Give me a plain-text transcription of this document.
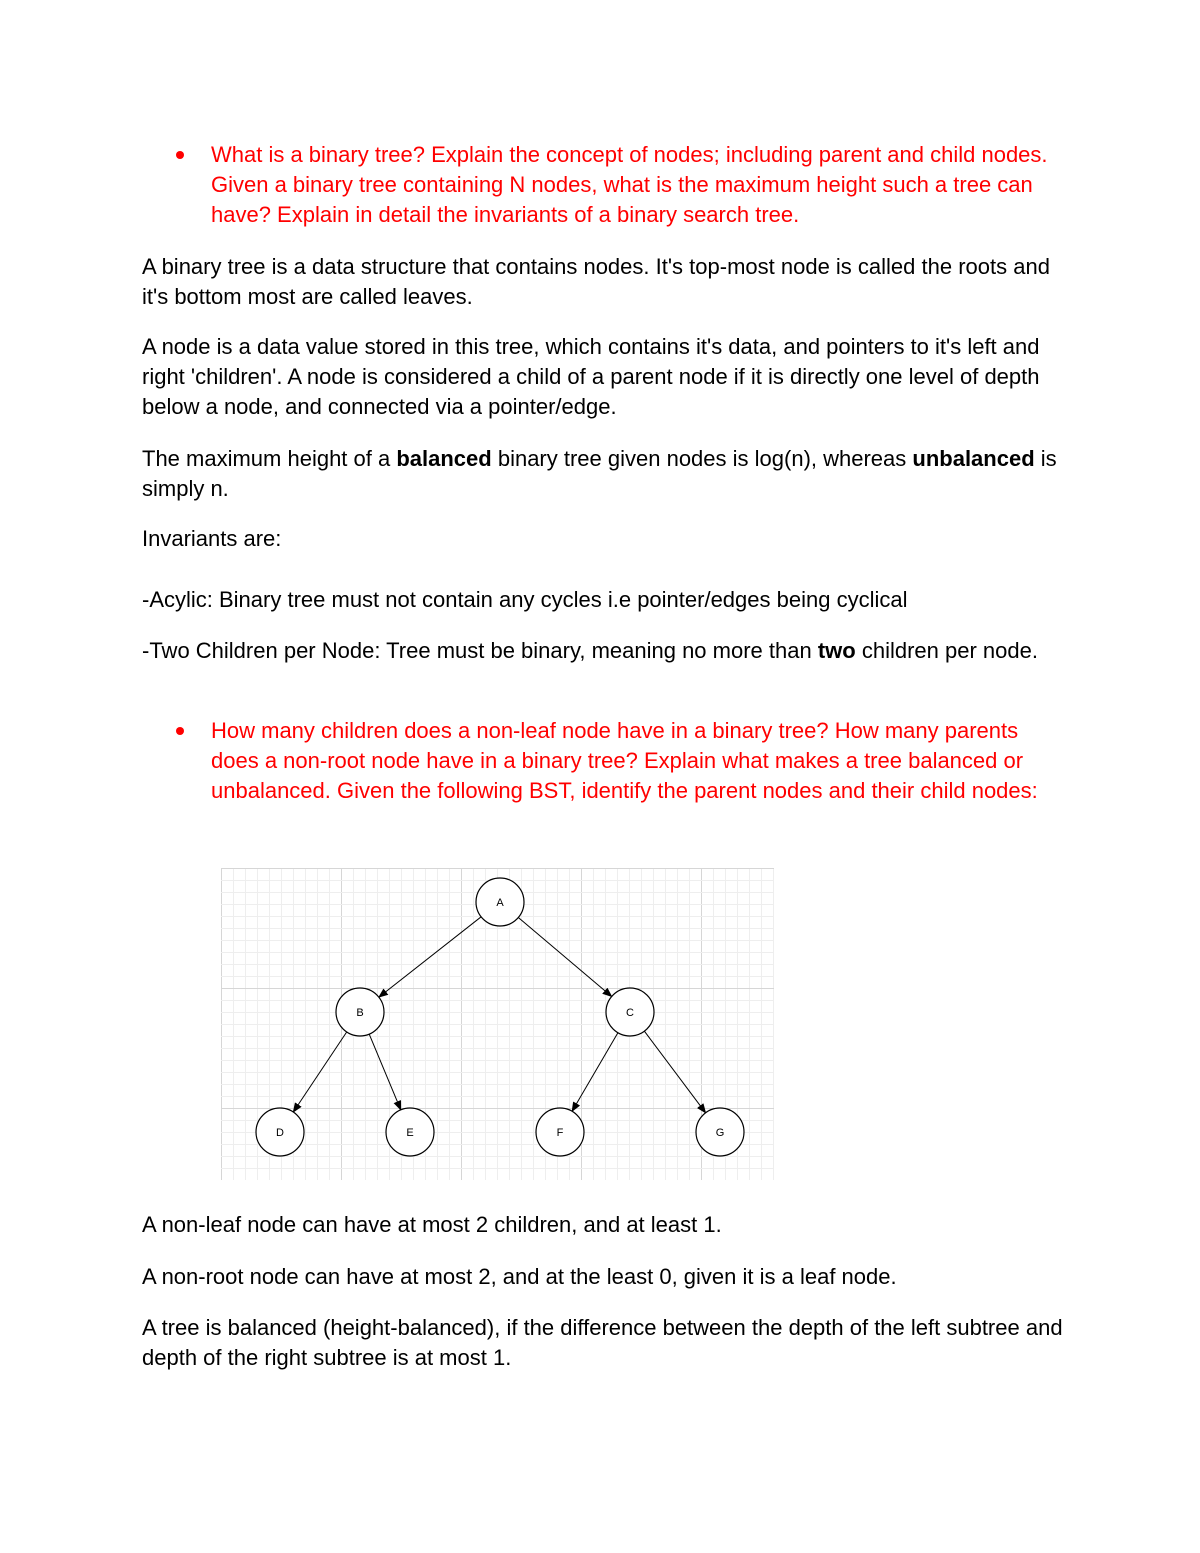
What is a binary tree? Explain the concept of nodes; including parent and child nodes. Given a binary tree containing N nodes, what is the maximum height such a tree can have? Explain in detail the invariants of a binary search tree.

A binary tree is a data structure that contains nodes. It's top-most node is called the roots and it's bottom most are called leaves.

A node is a data value stored in this tree, which contains it's data, and pointers to it's left and right 'children'. A node is considered a child of a parent node if it is directly one level of depth below a node, and connected via a pointer/edge.

The maximum height of a balanced binary tree given nodes is log(n), whereas unbalanced is simply n.

Invariants are:

-Acylic: Binary tree must not contain any cycles i.e pointer/edges being cyclical

-Two Children per Node: Tree must be binary, meaning no more than two children per node.

How many children does a non-leaf node have in a binary tree? How many parents does a non-root node have in a binary tree? Explain what makes a tree balanced or unbalanced. Given the following BST, identify the parent nodes and their child nodes:

A
B	C
D	E	F	G

A non-leaf node can have at most 2 children, and at least 1.

A non-root node can have at most 2, and at the least 0, given it is a leaf node.

A tree is balanced (height-balanced), if the difference between the depth of the left subtree and depth of the right subtree is at most 1.
